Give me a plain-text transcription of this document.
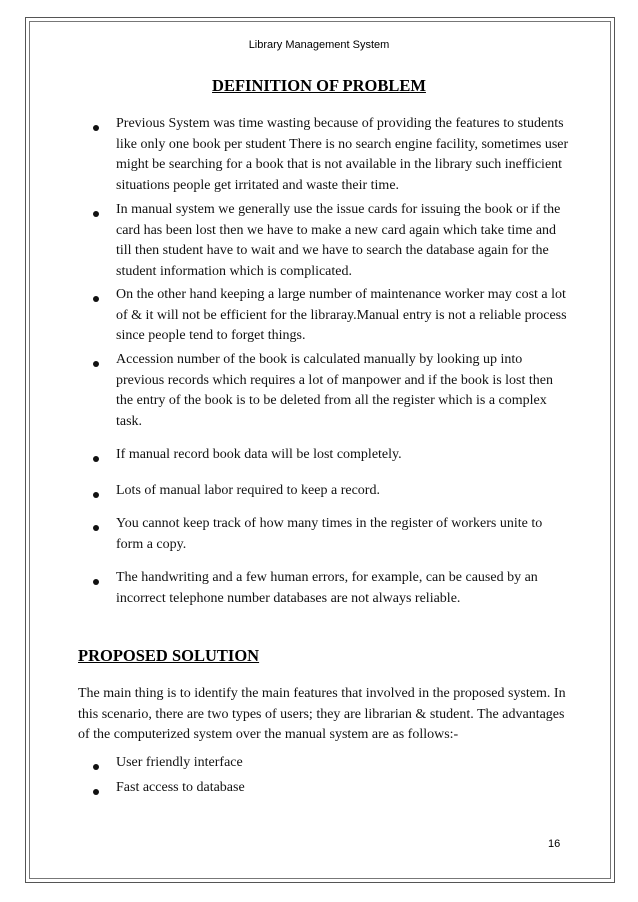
Library Management System
DEFINITION OF PROBLEM

Previous System was time wasting because of providing the features to students like only one book per student There is no search engine facility, sometimes user might be searching for a book that is not available in the library such inefficient situations people get irritated and waste their time.

In manual system we generally use the issue cards for issuing the book or if the card has been lost then we have to make a new card again which take time and till then student have to wait and we have to search the database again for the student information which is complicated.

On the other hand keeping a large number of maintenance worker may cost a lot of & it will not be efficient for the libraray.Manual entry is not a reliable process since people tend to forget things.

Accession number of the book is calculated manually by looking up into previous records which requires a lot of manpower and if the book is lost then the entry of the book is to be deleted from all the register which is a complex task.

If manual record book data will be lost completely.

Lots of manual labor required to keep a record.

You cannot keep track of how many times in the register of workers unite to form a copy.

The handwriting and a few human errors, for example, can be caused by an incorrect telephone number databases are not always reliable.

PROPOSED SOLUTION

The main thing is to identify the main features that involved in the proposed system. In this scenario, there are two types of users; they are librarian & student. The advantages of the computerized system over the manual system are as follows:-

User friendly interface

Fast access to database

16
